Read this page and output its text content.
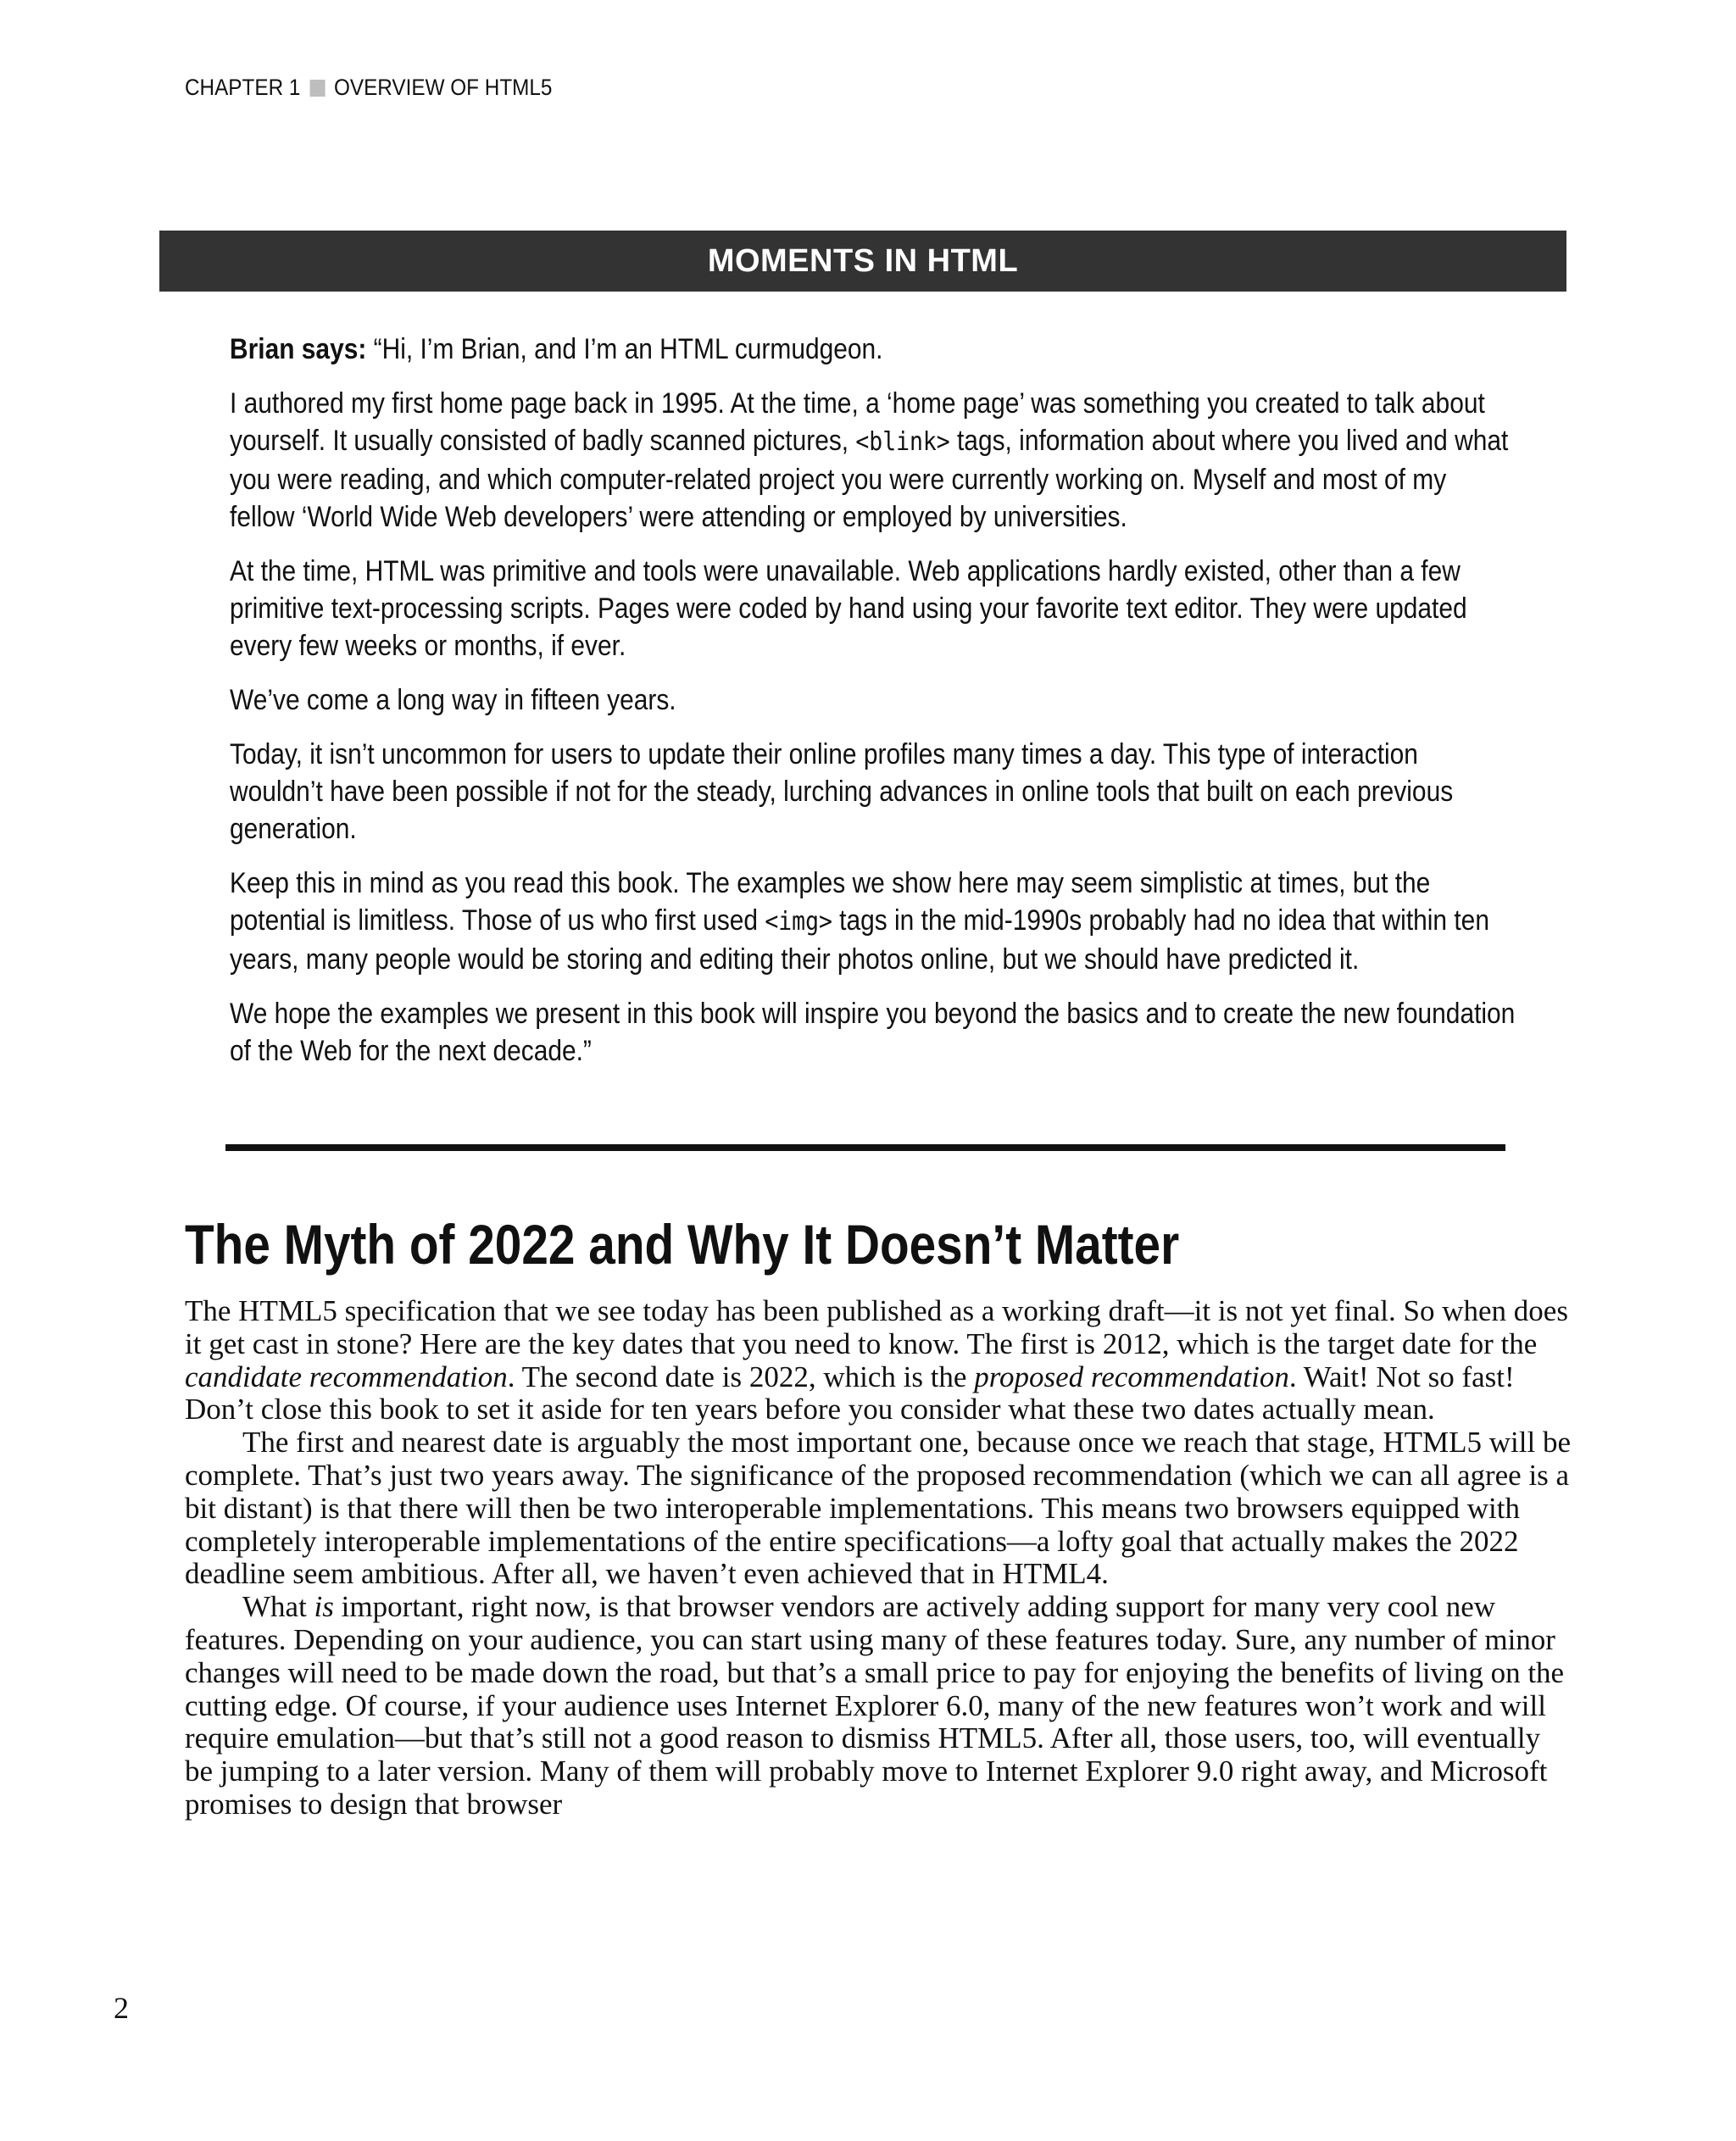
CHAPTER 1 OVERVIEW OF HTML5
MOMENTS IN HTML

Brian says: “Hi, I’m Brian, and I’m an HTML curmudgeon.

I authored my first home page back in 1995. At the time, a ‘home page’ was something you created to talk about yourself. It usually consisted of badly scanned pictures, <blink> tags, information about where you lived and what you were reading, and which computer-related project you were currently working on. Myself and most of my fellow ‘World Wide Web developers’ were attending or employed by universities.

At the time, HTML was primitive and tools were unavailable. Web applications hardly existed, other than a few primitive text-processing scripts. Pages were coded by hand using your favorite text editor. They were updated every few weeks or months, if ever.

We’ve come a long way in fifteen years.

Today, it isn’t uncommon for users to update their online profiles many times a day. This type of interaction wouldn’t have been possible if not for the steady, lurching advances in online tools that built on each previous generation.

Keep this in mind as you read this book. The examples we show here may seem simplistic at times, but the potential is limitless. Those of us who first used <img> tags in the mid-1990s probably had no idea that within ten years, many people would be storing and editing their photos online, but we should have predicted it.

We hope the examples we present in this book will inspire you beyond the basics and to create the new foundation of the Web for the next decade.”

The Myth of 2022 and Why It Doesn’t Matter

The HTML5 specification that we see today has been published as a working draft—it is not yet final. So when does it get cast in stone? Here are the key dates that you need to know. The first is 2012, which is the target date for the candidate recommendation. The second date is 2022, which is the proposed recommendation. Wait! Not so fast! Don’t close this book to set it aside for ten years before you consider what these two dates actually mean.

The first and nearest date is arguably the most important one, because once we reach that stage, HTML5 will be complete. That’s just two years away. The significance of the proposed recommendation (which we can all agree is a bit distant) is that there will then be two interoperable implementations. This means two browsers equipped with completely interoperable implementations of the entire specifications—a lofty goal that actually makes the 2022 deadline seem ambitious. After all, we haven’t even achieved that in HTML4.

What is important, right now, is that browser vendors are actively adding support for many very cool new features. Depending on your audience, you can start using many of these features today. Sure, any number of minor changes will need to be made down the road, but that’s a small price to pay for enjoying the benefits of living on the cutting edge. Of course, if your audience uses Internet Explorer 6.0, many of the new features won’t work and will require emulation—but that’s still not a good reason to dismiss HTML5. After all, those users, too, will eventually be jumping to a later version. Many of them will probably move to Internet Explorer 9.0 right away, and Microsoft promises to design that browser

2
